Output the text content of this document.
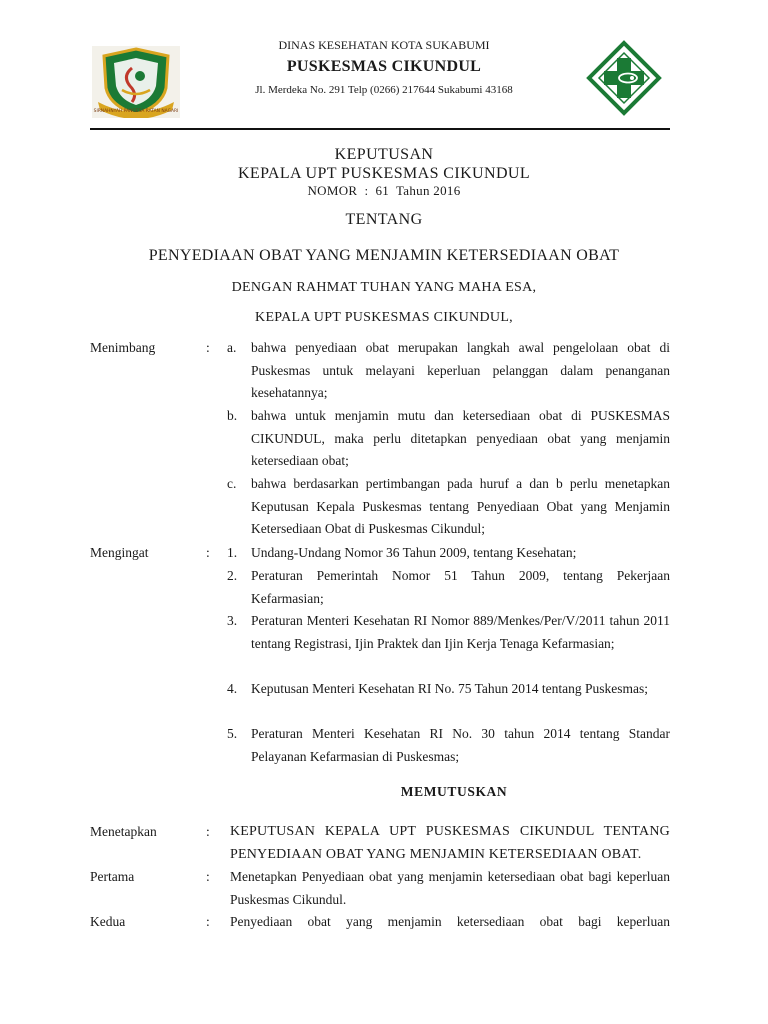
SIRNAHNYAH PANGESA RATAN NAGARI
DINAS KESEHATAN KOTA SUKABUMI
PUSKESMAS CIKUNDUL
Jl. Merdeka No. 291 Telp (0266) 217644 Sukabumi 43168
KEPUTUSAN
KEPALA UPT PUSKESMAS CIKUNDUL
NOMOR  :  61  Tahun 2016
TENTANG
PENYEDIAAN OBAT YANG MENJAMIN KETERSEDIAAN OBAT
DENGAN RAHMAT TUHAN YANG MAHA ESA,
KEPALA UPT PUSKESMAS CIKUNDUL,
Menimbang	: a. bahwa penyediaan obat merupakan langkah awal pengelolaan obat di Puskesmas untuk melayani keperluan pelanggan dalam penanganan kesehatannya;
b. bahwa untuk menjamin mutu dan ketersediaan obat di PUSKESMAS CIKUNDUL, maka perlu ditetapkan penyediaan obat yang menjamin ketersediaan obat;
c. bahwa berdasarkan pertimbangan pada huruf a dan b perlu menetapkan Keputusan Kepala Puskesmas tentang Penyediaan Obat yang Menjamin Ketersediaan Obat di Puskesmas Cikundul;
Mengingat	: 1. Undang-Undang Nomor 36 Tahun 2009, tentang Kesehatan;
2. Peraturan Pemerintah Nomor 51 Tahun 2009, tentang Pekerjaan Kefarmasian;
3. Peraturan Menteri Kesehatan RI Nomor 889/Menkes/Per/V/2011 tahun 2011 tentang Registrasi, Ijin Praktek dan Ijin Kerja Tenaga Kefarmasian;
4. Keputusan Menteri Kesehatan RI No. 75 Tahun 2014 tentang Puskesmas;
5. Peraturan Menteri Kesehatan RI No. 30 tahun 2014 tentang Standar Pelayanan Kefarmasian di Puskesmas;
MEMUTUSKAN
Menetapkan	: KEPUTUSAN KEPALA UPT PUSKESMAS CIKUNDUL TENTANG PENYEDIAAN OBAT YANG MENJAMIN KETERSEDIAAN OBAT.
Pertama	: Menetapkan Penyediaan obat yang menjamin ketersediaan obat bagi keperluan Puskesmas Cikundul.
Kedua	: Penyediaan obat yang menjamin ketersediaan obat bagi keperluan
